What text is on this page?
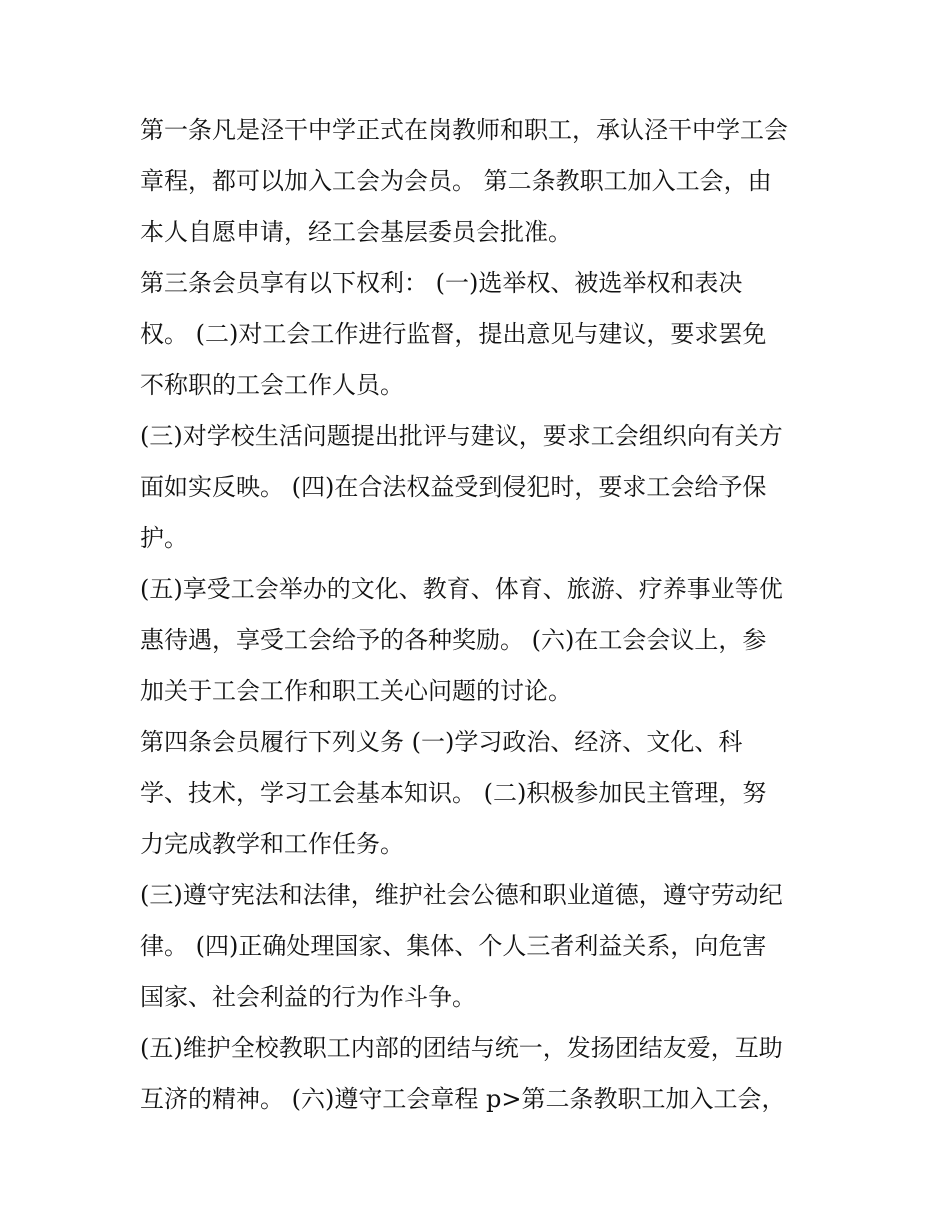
第一条凡是泾干中学正式在岗教师和职工，承认泾干中学工会
章程，都可以加入工会为会员。 第二条教职工加入工会，由
本人自愿申请，经工会基层委员会批准。
第三条会员享有以下权利： (一)选举权、被选举权和表决
权。 (二)对工会工作进行监督，提出意见与建议，要求罢免
不称职的工会工作人员。
(三)对学校生活问题提出批评与建议，要求工会组织向有关方
面如实反映。 (四)在合法权益受到侵犯时，要求工会给予保
护。
(五)享受工会举办的文化、教育、体育、旅游、疗养事业等优
惠待遇，享受工会给予的各种奖励。 (六)在工会会议上，参
加关于工会工作和职工关心问题的讨论。
第四条会员履行下列义务 (一)学习政治、经济、文化、科
学、技术，学习工会基本知识。 (二)积极参加民主管理，努
力完成教学和工作任务。
(三)遵守宪法和法律，维护社会公德和职业道德，遵守劳动纪
律。 (四)正确处理国家、集体、个人三者利益关系，向危害
国家、社会利益的行为作斗争。
(五)维护全校教职工内部的团结与统一，发扬团结友爱，互助
互济的精神。 (六)遵守工会章程 p>第二条教职工加入工会，
